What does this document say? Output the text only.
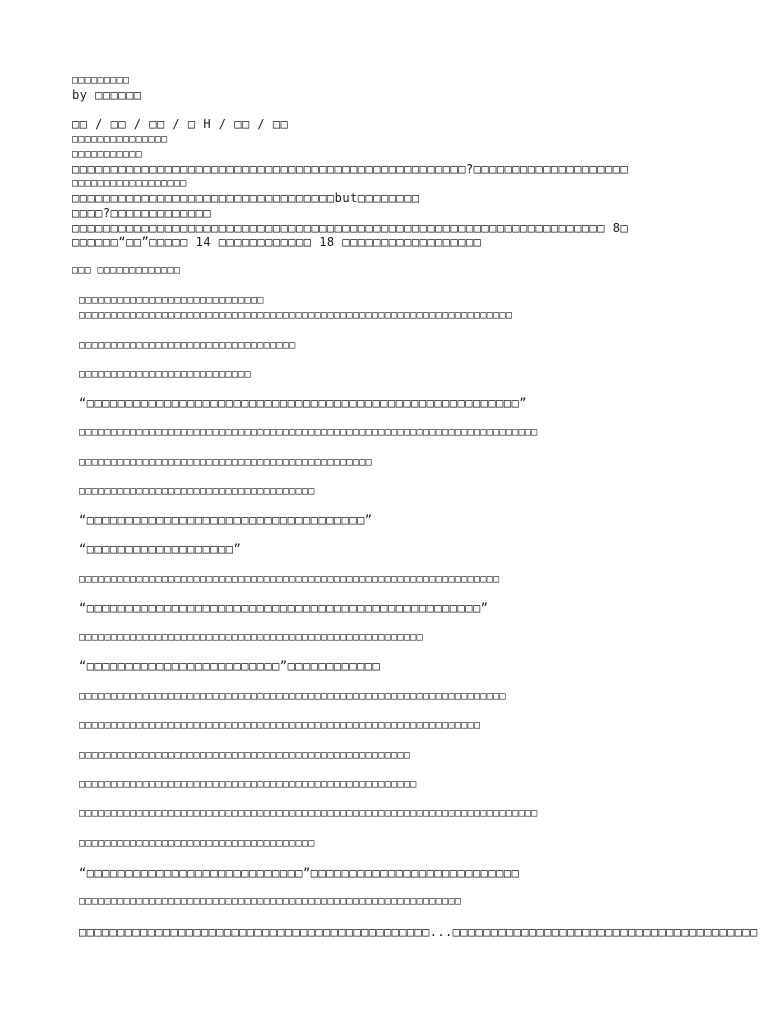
□□□□□□□□□
by □□□□□□
□□ / □□ / □□ / □ H / □□ / □□
□□□□□□□□□□□□□□□
□□□□□□□□□□□
□□□□□□□□□□□□□□□□□□□□□□□□□□□□□□□□□□□□□□□□□□□□□□□□□□□?□□□□□□□□□□□□□□□□□□□□
□□□□□□□□□□□□□□□□□□
□□□□□□□□□□□□□□□□□□□□□□□□□□□□□□□□□□but□□□□□□□□
□□□□?□□□□□□□□□□□□□
□□□□□□□□□□□□□□□□□□□□□□□□□□□□□□□□□□□□□□□□□□□□□□□□□□□□□□□□□□□□□□□□□□□□□ 8□
□□□□□□“□□”□□□□□ 14 □□□□□□□□□□□□ 18 □□□□□□□□□□□□□□□□□□
□□□ □□□□□□□□□□□□□
□□□□□□□□□□□□□□□□□□□□□□□□□□□□□
□□□□□□□□□□□□□□□□□□□□□□□□□□□□□□□□□□□□□□□□□□□□□□□□□□□□□□□□□□□□□□□□□□□□
□□□□□□□□□□□□□□□□□□□□□□□□□□□□□□□□□□
□□□□□□□□□□□□□□□□□□□□□□□□□□□
“□□□□□□□□□□□□□□□□□□□□□□□□□□□□□□□□□□□□□□□□□□□□□□□□□□□□□□□□”
□□□□□□□□□□□□□□□□□□□□□□□□□□□□□□□□□□□□□□□□□□□□□□□□□□□□□□□□□□□□□□□□□□□□□□□□
□□□□□□□□□□□□□□□□□□□□□□□□□□□□□□□□□□□□□□□□□□□□□□
□□□□□□□□□□□□□□□□□□□□□□□□□□□□□□□□□□□□□
“□□□□□□□□□□□□□□□□□□□□□□□□□□□□□□□□□□□□”
“□□□□□□□□□□□□□□□□□□□”
□□□□□□□□□□□□□□□□□□□□□□□□□□□□□□□□□□□□□□□□□□□□□□□□□□□□□□□□□□□□□□□□□□
“□□□□□□□□□□□□□□□□□□□□□□□□□□□□□□□□□□□□□□□□□□□□□□□□□□□”
□□□□□□□□□□□□□□□□□□□□□□□□□□□□□□□□□□□□□□□□□□□□□□□□□□□□□□
“□□□□□□□□□□□□□□□□□□□□□□□□□”□□□□□□□□□□□□
□□□□□□□□□□□□□□□□□□□□□□□□□□□□□□□□□□□□□□□□□□□□□□□□□□□□□□□□□□□□□□□□□□□
□□□□□□□□□□□□□□□□□□□□□□□□□□□□□□□□□□□□□□□□□□□□□□□□□□□□□□□□□□□□□□□
□□□□□□□□□□□□□□□□□□□□□□□□□□□□□□□□□□□□□□□□□□□□□□□□□□□□
□□□□□□□□□□□□□□□□□□□□□□□□□□□□□□□□□□□□□□□□□□□□□□□□□□□□□
□□□□□□□□□□□□□□□□□□□□□□□□□□□□□□□□□□□□□□□□□□□□□□□□□□□□□□□□□□□□□□□□□□□□□□□□
□□□□□□□□□□□□□□□□□□□□□□□□□□□□□□□□□□□□□
“□□□□□□□□□□□□□□□□□□□□□□□□□□□□”□□□□□□□□□□□□□□□□□□□□□□□□□□□
□□□□□□□□□□□□□□□□□□□□□□□□□□□□□□□□□□□□□□□□□□□□□□□□□□□□□□□□□□□□
□□□□□□□□□□□□□□□□□□□□□□□□□□□□□□□□□□□□□□□□□□□□□□...□□□□□□□□□□□□□□□□□□□□□□□□□□□□□□□□□□□□□□□□
